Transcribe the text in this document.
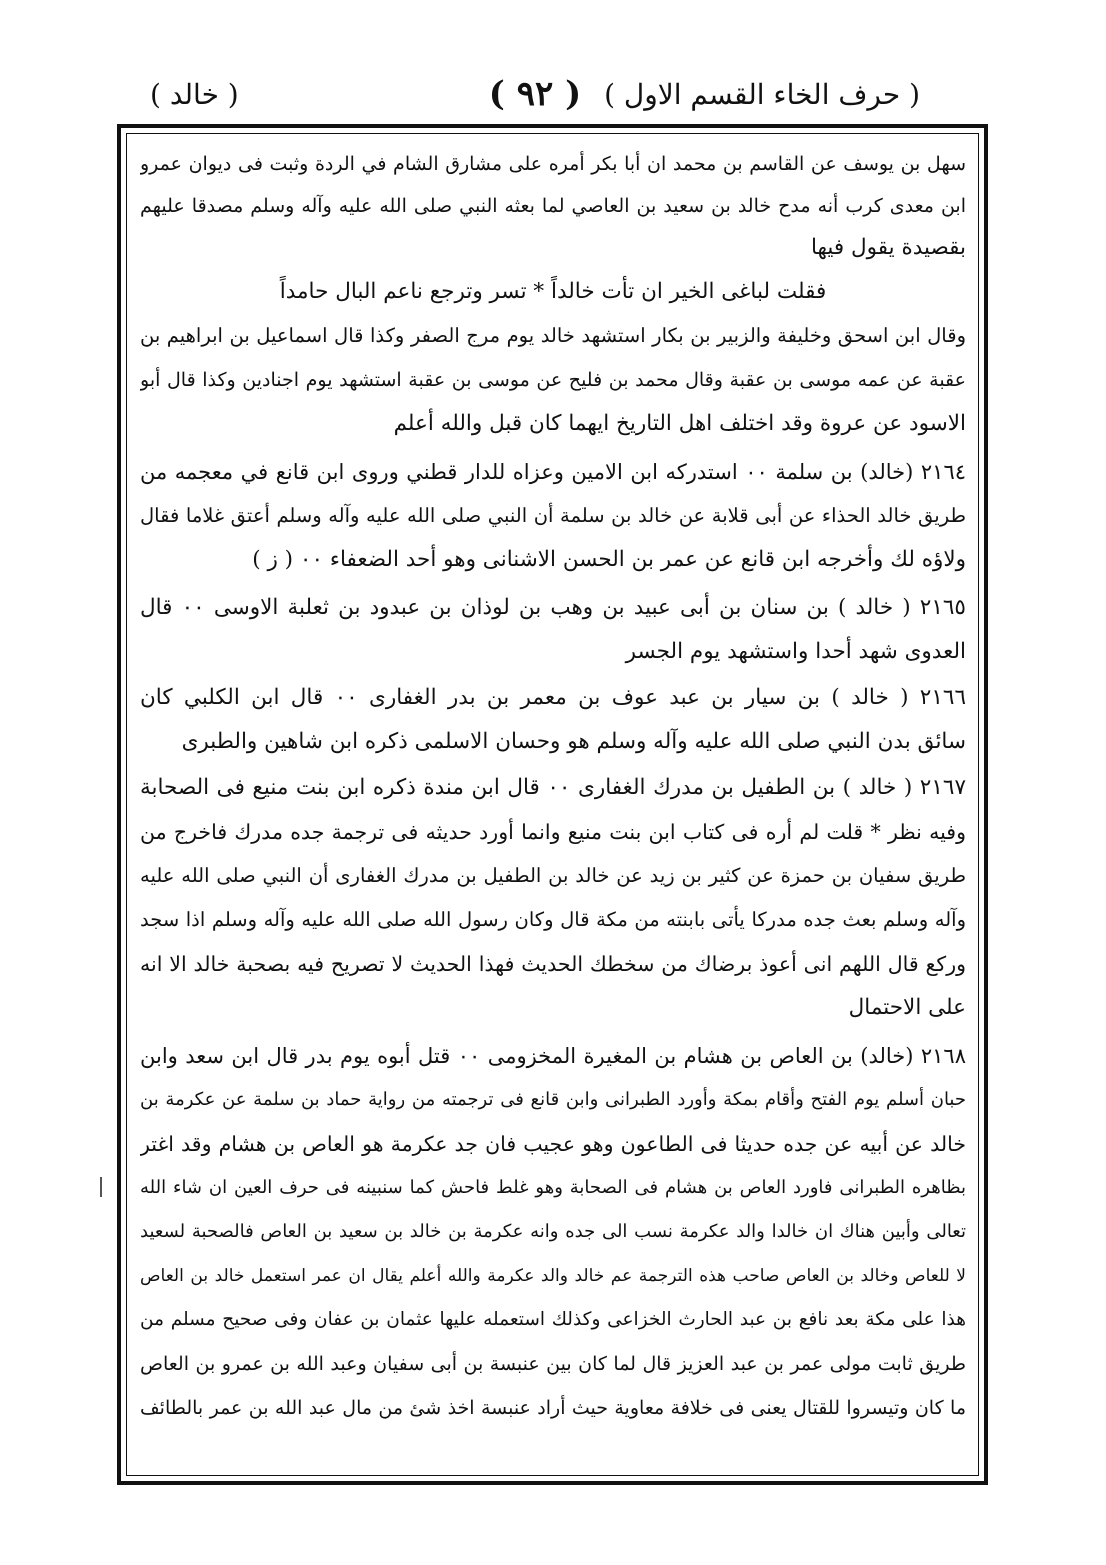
( حرف الخاء القسم الاول )
( ٩٢ )
( خالد )
سهل بن يوسف عن القاسم بن محمد ان أبا بكر أمره على مشارق الشام في الردة وثبت فى ديوان عمرو
ابن معدى كرب أنه مدح خالد بن سعيد بن العاصي لما بعثه النبي صلى الله عليه وآله وسلم مصدقا عليهم
بقصيدة يقول فيها
فقلت لباغى الخير ان تأت خالداً * تسر وترجع ناعم البال حامداً
وقال ابن اسحق وخليفة والزبير بن بكار استشهد خالد يوم مرج الصفر وكذا قال اسماعيل بن ابراهيم بن
عقبة عن عمه موسى بن عقبة وقال محمد بن فليح عن موسى بن عقبة استشهد يوم اجنادين وكذا قال أبو
الاسود عن عروة وقد اختلف اهل التاريخ ايهما كان قبل والله أعلم
٢١٦٤ (خالد) بن سلمة ٠٠ استدركه ابن الامين وعزاه للدار قطني وروى ابن قانع في معجمه من
طريق خالد الحذاء عن أبى قلابة عن خالد بن سلمة أن النبي صلى الله عليه وآله وسلم أعتق غلاما فقال
ولاؤه لك وأخرجه ابن قانع عن عمر بن الحسن الاشنانى وهو أحد الضعفاء ٠٠ ( ز )
٢١٦٥ ( خالد ) بن سنان بن أبى عبيد بن وهب بن لوذان بن عبدود بن ثعلبة الاوسى ٠٠ قال
العدوى شهد أحدا واستشهد يوم الجسر
٢١٦٦ ( خالد ) بن سيار بن عبد عوف بن معمر بن بدر الغفارى ٠٠ قال ابن الكلبي كان
سائق بدن النبي صلى الله عليه وآله وسلم هو وحسان الاسلمى ذكره ابن شاهين والطبرى
٢١٦٧ ( خالد ) بن الطفيل بن مدرك الغفارى ٠٠ قال ابن مندة ذكره ابن بنت منيع فى الصحابة
وفيه نظر * قلت لم أره فى كتاب ابن بنت منيع وانما أورد حديثه فى ترجمة جده مدرك فاخرج من
طريق سفيان بن حمزة عن كثير بن زيد عن خالد بن الطفيل بن مدرك الغفارى أن النبي صلى الله عليه
وآله وسلم بعث جده مدركا يأتى بابنته من مكة قال وكان رسول الله صلى الله عليه وآله وسلم اذا سجد
وركع قال اللهم انى أعوذ برضاك من سخطك الحديث فهذا الحديث لا تصريح فيه بصحبة خالد الا انه
على الاحتمال
٢١٦٨ (خالد) بن العاص بن هشام بن المغيرة المخزومى ٠٠ قتل أبوه يوم بدر قال ابن سعد وابن
حبان أسلم يوم الفتح وأقام بمكة وأورد الطبرانى وابن قانع فى ترجمته من رواية حماد بن سلمة عن عكرمة بن
خالد عن أبيه عن جده حديثا فى الطاعون وهو عجيب فان جد عكرمة هو العاص بن هشام وقد اغتر
بظاهره الطبرانى فاورد العاص بن هشام فى الصحابة وهو غلط فاحش كما سنبينه فى حرف العين ان شاء الله
تعالى وأبين هناك ان خالدا والد عكرمة نسب الى جده وانه عكرمة بن خالد بن سعيد بن العاص فالصحبة لسعيد
لا للعاص وخالد بن العاص صاحب هذه الترجمة عم خالد والد عكرمة والله أعلم يقال ان عمر استعمل خالد بن العاص
هذا على مكة بعد نافع بن عبد الحارث الخزاعى وكذلك استعمله عليها عثمان بن عفان وفى صحيح مسلم من
طريق ثابت مولى عمر بن عبد العزيز قال لما كان بين عنبسة بن أبى سفيان وعبد الله بن عمرو بن العاص
ما كان وتيسروا للقتال يعنى فى خلافة معاوية حيث أراد عنبسة اخذ شئ من مال عبد الله بن عمر بالطائف
